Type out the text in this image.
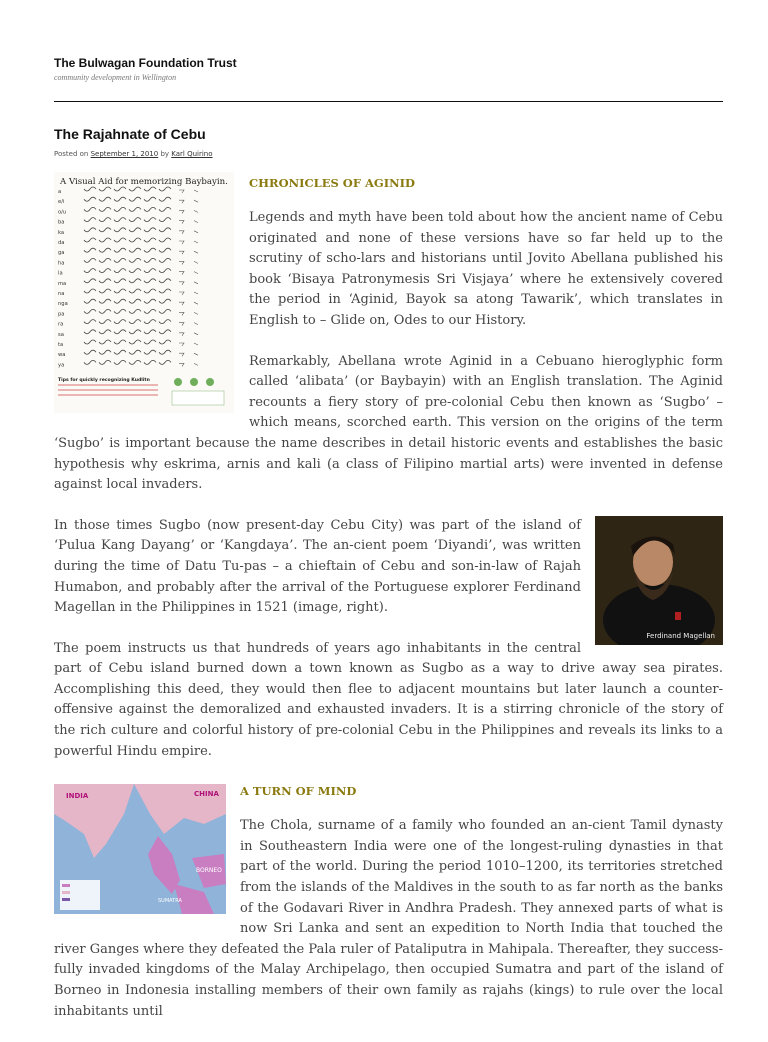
The Bulwagan Foundation Trust

community development in Wellington

The Rajahnate of Cebu
Posted on September 1, 2010 by Karl Quirino
A Visual Aid for memorizing Baybayin.
a
e/i
o/u
ba
ka
da
ga
ha
la
ma
na
nga
pa
ra
sa
ta
wa
ya
Tips for quickly recognizing Kudlitn
CHRONICLES OF AGINID

Legends and myth have been told about how the ancient name of Cebu originated and none of these versions have so far held up to the scrutiny of scho-lars and historians until Jovito Abellana published his book ‘Bisaya Patronymesis Sri Visjaya’ where he extensively covered the period in ‘Aginid, Bayok sa atong Tawarik’, which translates in English to – Glide on, Odes to our History.

Remarkably, Abellana wrote Aginid in a Cebuano hieroglyphic form called ‘alibata’ (or Baybayin) with an English translation. The Aginid recounts a fiery story of pre-colonial Cebu then known as ‘Sugbo’ – which means, scorched earth. This version on the origins of the term ‘Sugbo’ is important because the name describes in detail historic events and establishes the basic hypothesis why eskrima, arnis and kali (a class of Filipino martial arts) were invented in defense against local invaders.

Ferdinand Magellan

In those times Sugbo (now present-day Cebu City) was part of the island of ‘Pulua Kang Dayang’ or ‘Kangdaya’. The an-cient poem ‘Diyandi’, was written during the time of Datu Tu-pas – a chieftain of Cebu and son-in-law of Rajah Humabon, and probably after the arrival of the Portuguese explorer Ferdinand Magellan in the Philippines in 1521 (image, right).

The poem instructs us that hundreds of years ago inhabitants in the central part of Cebu island burned down a town known as Sugbo as a way to drive away sea pirates. Accomplishing this deed, they would then flee to adjacent mountains but later launch a counter-offensive against the demoralized and exhausted invaders. It is a stirring chronicle of the story of the rich culture and colorful history of pre-colonial Cebu in the Philippines and reveals its links to a powerful Hindu empire.

INDIA	CHINA
BORNEO
SUMATRA
A TURN OF MIND

The Chola, surname of a family who founded an an-cient Tamil dynasty in Southeastern India were one of the longest-ruling dynasties in that part of the world. During the period 1010–1200, its territories stretched from the islands of the Maldives in the south to as far north as the banks of the Godavari River in Andhra Pradesh. They annexed parts of what is now Sri Lanka and sent an expedition to North India that touched the river Ganges where they defeated the Pala ruler of Pataliputra in Mahipala. Thereafter, they success-fully invaded kingdoms of the Malay Archipelago, then occupied Sumatra and part of the island of Borneo in Indonesia installing members of their own family as rajahs (kings) to rule over the local inhabitants until
